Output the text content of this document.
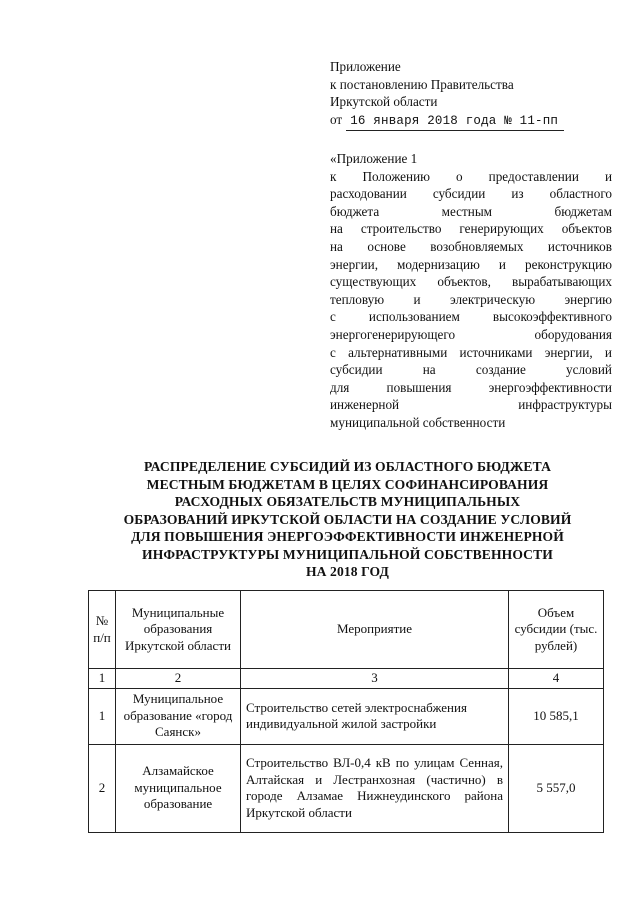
Приложение
к постановлению Правительства
Иркутской области
от 16 января 2018 года № 11-пп
«Приложение 1
к Положению о предоставлении и
расходовании субсидии из областного
бюджета местным бюджетам
на строительство генерирующих объектов
на основе возобновляемых источников
энергии, модернизацию и реконструкцию
существующих объектов, вырабатывающих
тепловую и электрическую энергию
с использованием высокоэффективного
энергогенерирующего оборудования
с альтернативными источниками энергии, и
субсидии на создание условий
для повышения энергоэффективности
инженерной инфраструктуры
муниципальной собственности
РАСПРЕДЕЛЕНИЕ СУБСИДИЙ ИЗ ОБЛАСТНОГО БЮДЖЕТА
МЕСТНЫМ БЮДЖЕТАМ В ЦЕЛЯХ СОФИНАНСИРОВАНИЯ
РАСХОДНЫХ ОБЯЗАТЕЛЬСТВ МУНИЦИПАЛЬНЫХ
ОБРАЗОВАНИЙ ИРКУТСКОЙ ОБЛАСТИ НА СОЗДАНИЕ УСЛОВИЙ
ДЛЯ ПОВЫШЕНИЯ ЭНЕРГОЭФФЕКТИВНОСТИ ИНЖЕНЕРНОЙ
ИНФРАСТРУКТУРЫ МУНИЦИПАЛЬНОЙ СОБСТВЕННОСТИ
НА 2018 ГОД
№ п/п	Муниципальные образования Иркутской области	Мероприятие	Объем субсидии (тыс. рублей)
1	2	3	4
1	Муниципальное образование «город Саянск»	Строительство сетей электроснабжения индивидуальной жилой застройки	10 585,1
2	Алзамайское муниципальное образование	Строительство ВЛ-0,4 кВ по улицам Сенная, Алтайская и Лестранхозная (частично) в городе Алзамае Нижнеудинского района Иркутской области	5 557,0
